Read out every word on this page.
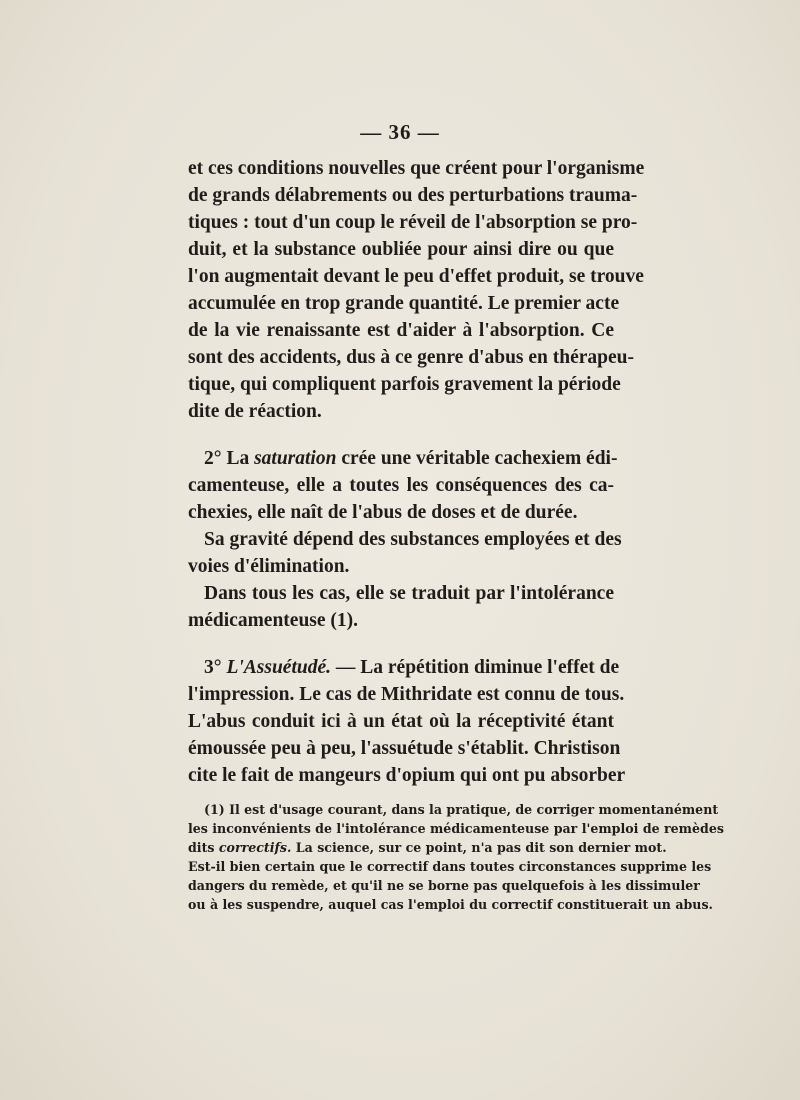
— 36 —
et ces conditions nouvelles que créent pour l'organisme
de grands délabrements ou des perturbations trauma-
tiques : tout d'un coup le réveil de l'absorption se pro-
duit, et la substance oubliée pour ainsi dire ou que
l'on augmentait devant le peu d'effet produit, se trouve
accumulée en trop grande quantité. Le premier acte
de la vie renaissante est d'aider à l'absorption. Ce
sont des accidents, dus à ce genre d'abus en thérapeu-
tique, qui compliquent parfois gravement la période
dite de réaction.
2° La saturation crée une véritable cachexiem édi-
camenteuse, elle a toutes les conséquences des ca-
chexies, elle naît de l'abus de doses et de durée.
Sa gravité dépend des substances employées et des
voies d'élimination.
Dans tous les cas, elle se traduit par l'intolérance
médicamenteuse (1).
3° L'Assuétudé. — La répétition diminue l'effet de
l'impression. Le cas de Mithridate est connu de tous.
L'abus conduit ici à un état où la réceptivité étant
émoussée peu à peu, l'assuétude s'établit. Christison
cite le fait de mangeurs d'opium qui ont pu absorber
(1) Il est d'usage courant, dans la pratique, de corriger momentanément
les inconvénients de l'intolérance médicamenteuse par l'emploi de remèdes
dits correctifs. La science, sur ce point, n'a pas dit son dernier mot.
Est-il bien certain que le correctif dans toutes circonstances supprime les
dangers du remède, et qu'il ne se borne pas quelquefois à les dissimuler
ou à les suspendre, auquel cas l'emploi du correctif constituerait un abus.
